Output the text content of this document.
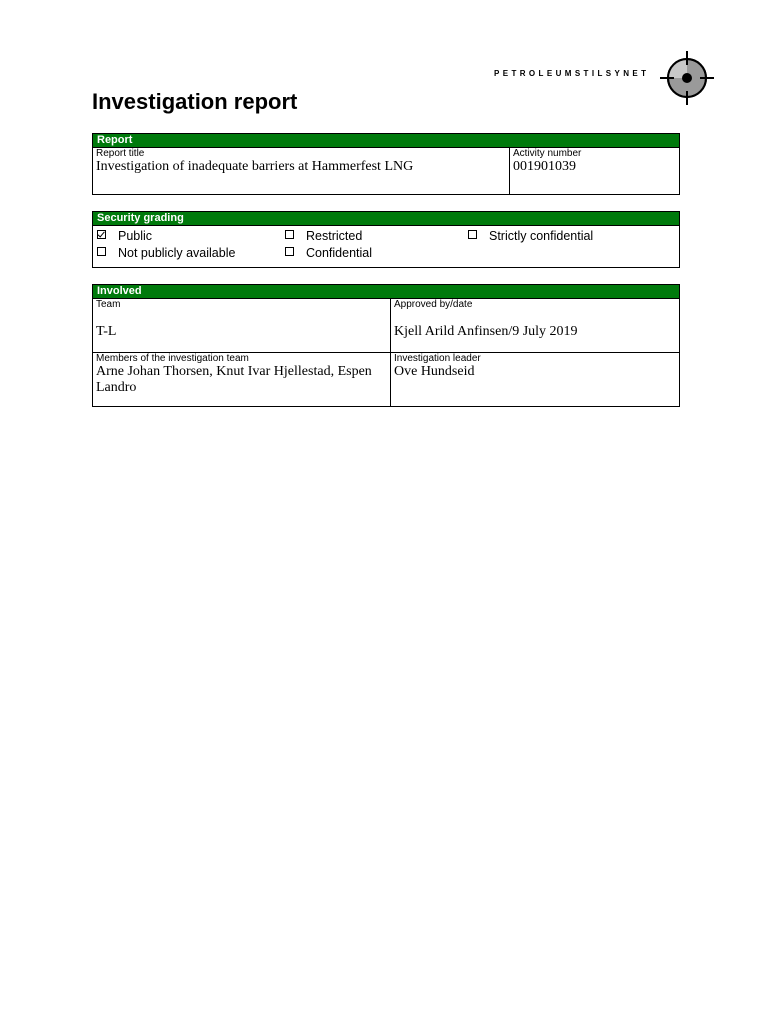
PETROLEUMSTILSYNET
Investigation report
Report
Report title
Investigation of inadequate barriers at Hammerfest LNG
Activity number
001901039
Security grading
Public	Restricted	Strictly confidential
Not publicly available	Confidential
Involved
Team
T-L
Approved by/date
Kjell Arild Anfinsen/9 July 2019
Members of the investigation team
Arne Johan Thorsen, Knut Ivar Hjellestad, Espen Landro
Investigation leader
Ove Hundseid
